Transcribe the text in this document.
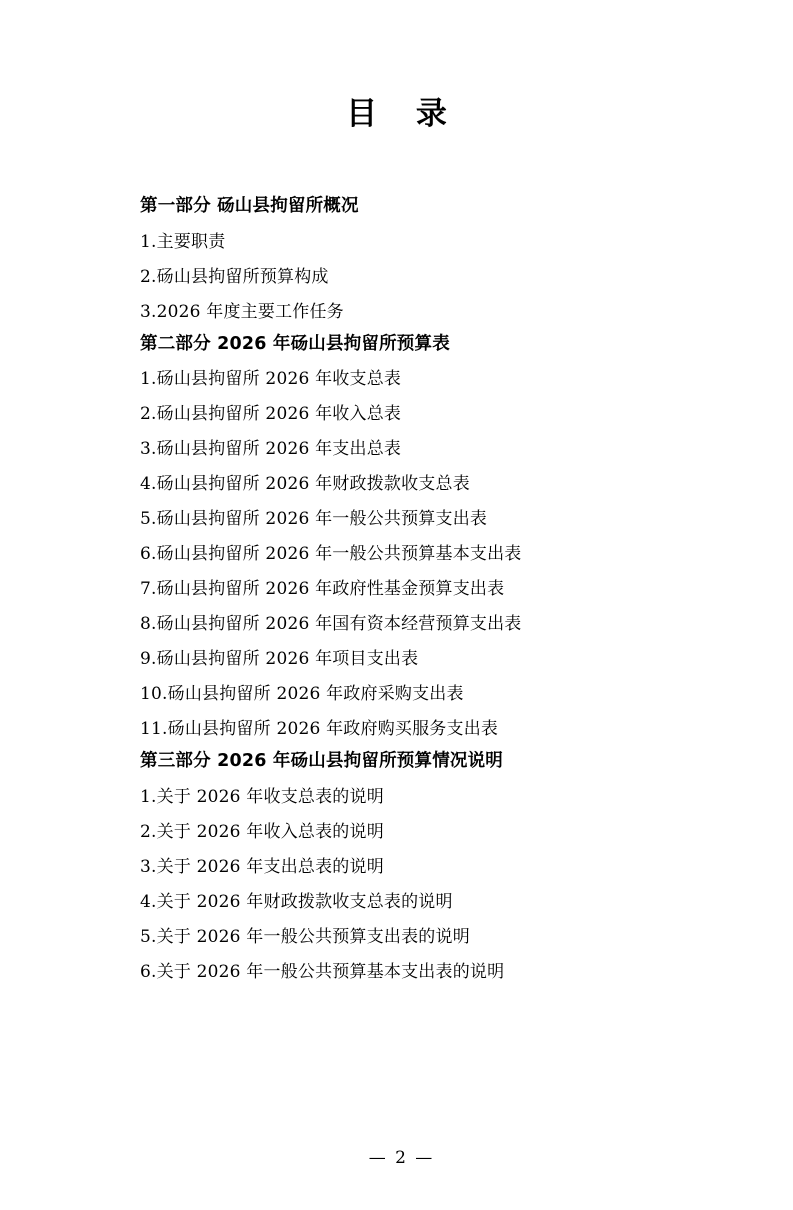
目 录
第一部分 砀山县拘留所概况
1.主要职责
2.砀山县拘留所预算构成
3.2026 年度主要工作任务
第二部分 2026 年砀山县拘留所预算表
1.砀山县拘留所 2026 年收支总表
2.砀山县拘留所 2026 年收入总表
3.砀山县拘留所 2026 年支出总表
4.砀山县拘留所 2026 年财政拨款收支总表
5.砀山县拘留所 2026 年一般公共预算支出表
6.砀山县拘留所 2026 年一般公共预算基本支出表
7.砀山县拘留所 2026 年政府性基金预算支出表
8.砀山县拘留所 2026 年国有资本经营预算支出表
9.砀山县拘留所 2026 年项目支出表
10.砀山县拘留所 2026 年政府采购支出表
11.砀山县拘留所 2026 年政府购买服务支出表
第三部分 2026 年砀山县拘留所预算情况说明
1.关于 2026 年收支总表的说明
2.关于 2026 年收入总表的说明
3.关于 2026 年支出总表的说明
4.关于 2026 年财政拨款收支总表的说明
5.关于 2026 年一般公共预算支出表的说明
6.关于 2026 年一般公共预算基本支出表的说明
— 2 —
